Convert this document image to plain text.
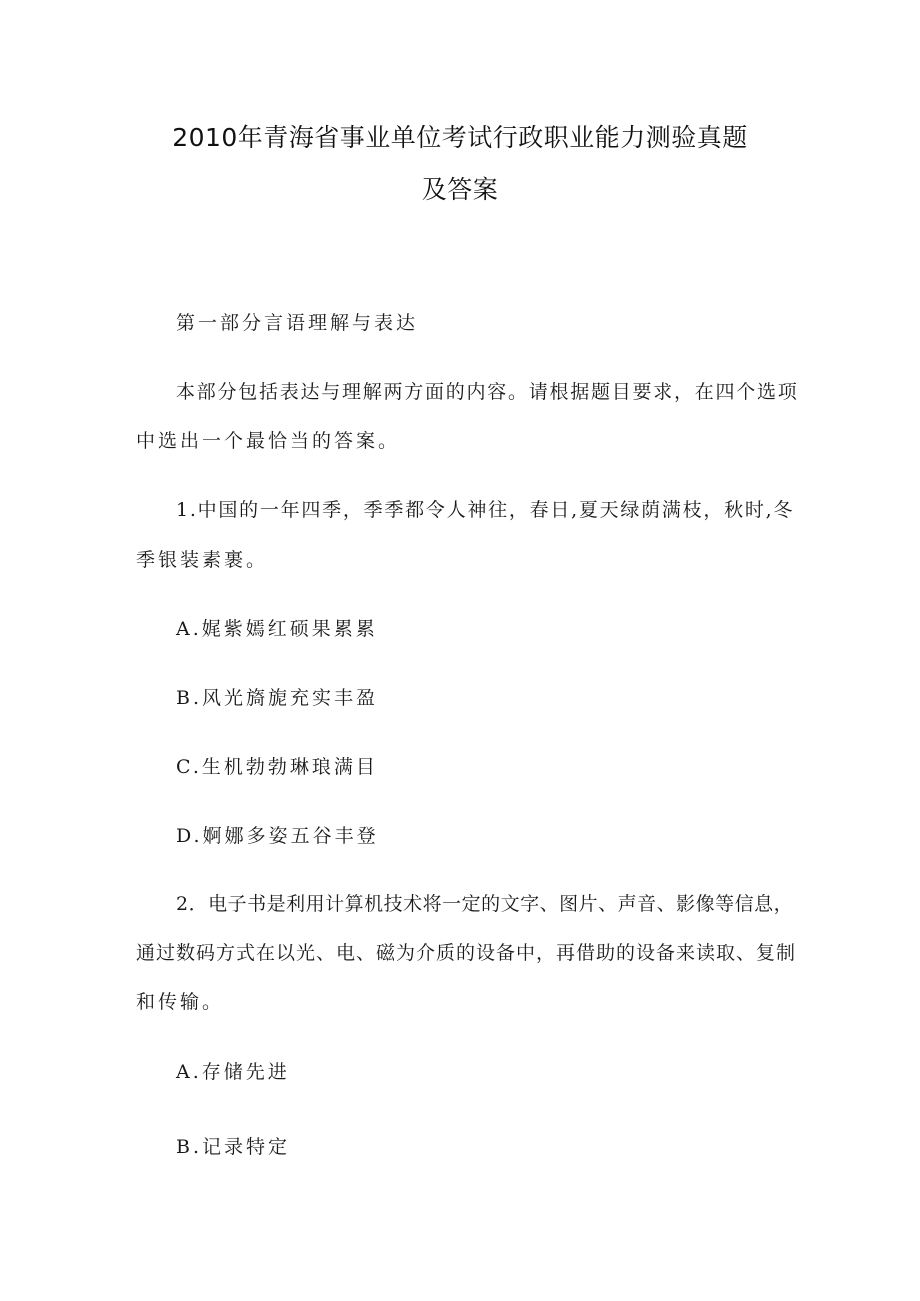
2010年青海省事业单位考试行政职业能力测验真题
及答案
第一部分言语理解与表达
本部分包括表达与理解两方面的内容。请根据题目要求，在四个选项
中选出一个最恰当的答案。
1.中国的一年四季，季季都令人神往，春日,夏天绿荫满枝，秋时,冬
季银装素裹。
A.娓紫嫣红硕果累累
B.风光旖旎充实丰盈
C.生机勃勃琳琅满目
D.婀娜多姿五谷丰登
2．电子书是利用计算机技术将一定的文字、图片、声音、影像等信息，
通过数码方式在以光、电、磁为介质的设备中，再借助的设备来读取、复制
和传输。
A.存储先进
B.记录特定
